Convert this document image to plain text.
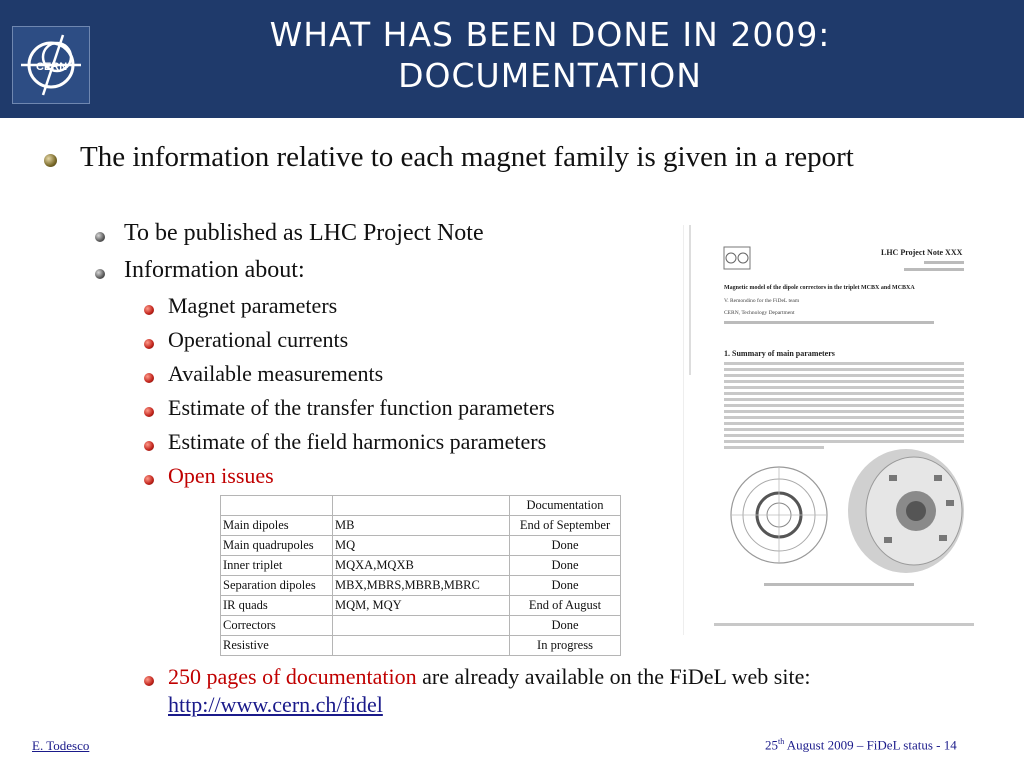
CERN
WHAT HAS BEEN DONE IN 2009:
DOCUMENTATION
The information relative to each magnet family is given in a report
To be published as LHC Project Note
Information about:
Magnet parameters
Operational currents
Available measurements
Estimate of the transfer function parameters
Estimate of the field harmonics parameters
Open issues
		Documentation
Main dipoles	MB	End of September
Main quadrupoles	MQ	Done
Inner triplet	MQXA,MQXB	Done
Separation dipoles	MBX,MBRS,MBRB,MBRC	Done
IR quads	MQM, MQY	End of August
Correctors		Done
Resistive		In progress
250 pages of documentation are already available on the FiDeL web site:
http://www.cern.ch/fidel
LHC Project Note XXX
Magnetic model of the dipole correctors in the triplet MCBX and MCBXA
V. Remondino for the FiDeL team
CERN, Technology Department
1. Summary of main parameters
E. Todesco	25th August 2009 – FiDeL status - 14
